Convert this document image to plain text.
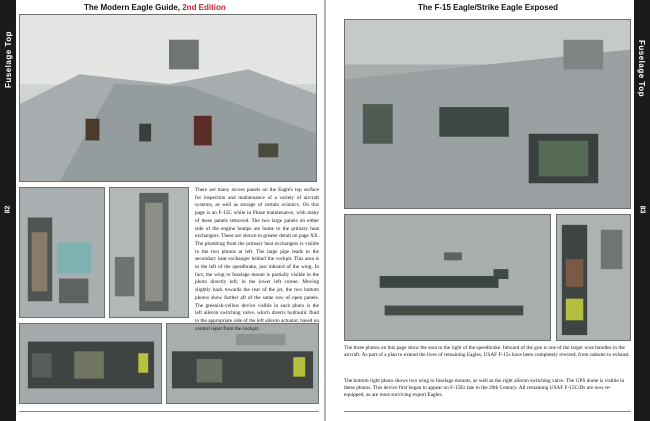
Fuselage Top
82
Fuselage Top
83
The Modern Eagle Guide, 2nd Edition	The F-15 Eagle/Strike Eagle Exposed
There are many access panels on the Eagle's top surface for inspection and maintenance of a variety of aircraft systems, as well as storage of certain avionics. On this page is an F-15C while in Phase maintenance, with many of these panels removed. The two large panels on either side of the engine humps are home to the primary heat exchangers. These are shown to greater detail on page XX. The plumbing from the primary heat exchangers is visible in the two photos at left. The large pipe leads to the secondary heat exchanger behind the cockpit. This area is to the left of the speedbrake, just inboard of the wing. In fact, the wing to fuselage mount is partially visible in the photo directly left, in the lower left corner. Moving slightly back towards the rear of the jet, the two bottom photos show further aft of the same row of open panels. The greenish-yellow device visible in each photo is the left aileron switching valve, which directs hydraulic fluid to the appropriate side of the left aileron actuator, based on control input from the cockpit.
The three photos on this page show the area to the right of the speedbrake. Inboard of the gun is one of the larger wire bundles in the aircraft. As part of a plan to extend the lives of remaining Eagles, USAF F-15s have been completely rewired, from radome to exhaust.
The bottom right photo shows two wing to fuselage mounts, as well as the right aileron switching valve. The GPS dome is visible in these photos. This device first began to appear on F-15Es late in the 20th Century. All remaining USAF F-15C/Ds are now re-equipped, as are most surviving export Eagles.
